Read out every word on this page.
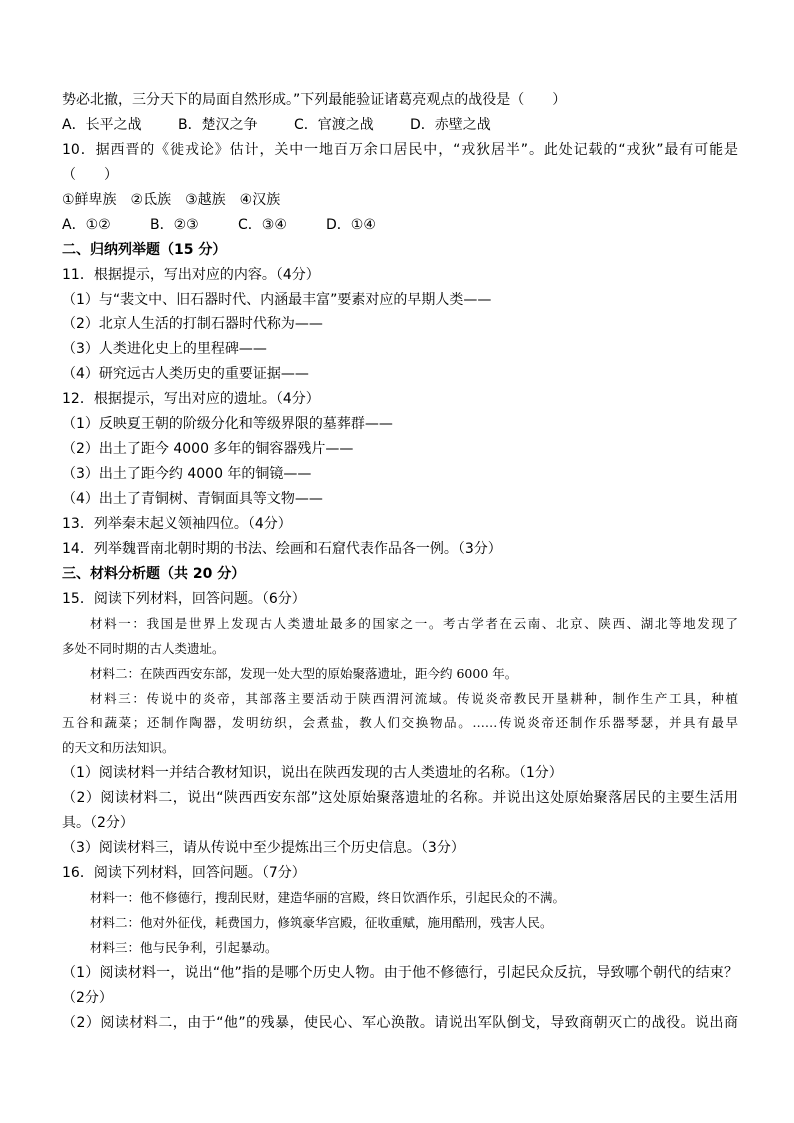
势必北撤，三分天下的局面自然形成。”下列最能验证诸葛亮观点的战役是（　　）
A．长平之战	B．楚汉之争	C．官渡之战	D．赤壁之战
10．据西晋的《徙戎论》估计，关中一地百万余口居民中，“戎狄居半”。此处记载的“戎狄”最有可能是
（　　）
①鲜卑族　②氐族　③越族　④汉族
A．①②	B．②③	C．③④	D．①④
二、归纳列举题（15 分）
11．根据提示，写出对应的内容。（4分）
（1）与“裴文中、旧石器时代、内涵最丰富”要素对应的早期人类——
（2）北京人生活的打制石器时代称为——
（3）人类进化史上的里程碑——
（4）研究远古人类历史的重要证据——
12．根据提示，写出对应的遗址。（4分）
（1）反映夏王朝的阶级分化和等级界限的墓葬群——
（2）出土了距今 4000 多年的铜容器残片——
（3）出土了距今约 4000 年的铜镜——
（4）出土了青铜树、青铜面具等文物——
13．列举秦末起义领袖四位。（4分）
14．列举魏晋南北朝时期的书法、绘画和石窟代表作品各一例。（3分）
三、材料分析题（共 20 分）
15．阅读下列材料，回答问题。（6分）
材料一：我国是世界上发现古人类遗址最多的国家之一。考古学者在云南、北京、陕西、湖北等地发现了
多处不同时期的古人类遗址。
材料二：在陕西西安东部，发现一处大型的原始聚落遗址，距今约 6000 年。
材料三：传说中的炎帝，其部落主要活动于陕西渭河流域。传说炎帝教民开垦耕种，制作生产工具，种植
五谷和蔬菜；还制作陶器，发明纺织，会煮盐，教人们交换物品。……传说炎帝还制作乐器琴瑟，并具有最早
的天文和历法知识。
（1）阅读材料一并结合教材知识，说出在陕西发现的古人类遗址的名称。（1分）
（2）阅读材料二，说出“陕西西安东部”这处原始聚落遗址的名称。并说出这处原始聚落居民的主要生活用
具。（2分）
（3）阅读材料三，请从传说中至少提炼出三个历史信息。（3分）
16．阅读下列材料，回答问题。（7分）
材料一：他不修德行，搜刮民财，建造华丽的宫殿，终日饮酒作乐，引起民众的不满。
材料二：他对外征伐，耗费国力，修筑豪华宫殿，征收重赋，施用酷刑，残害人民。
材料三：他与民争利，引起暴动。
（1）阅读材料一，说出“他”指的是哪个历史人物。由于他不修德行，引起民众反抗，导致哪个朝代的结束？
（2分）
（2）阅读材料二，由于“他”的残暴，使民心、军心涣散。请说出军队倒戈，导致商朝灭亡的战役。说出商
